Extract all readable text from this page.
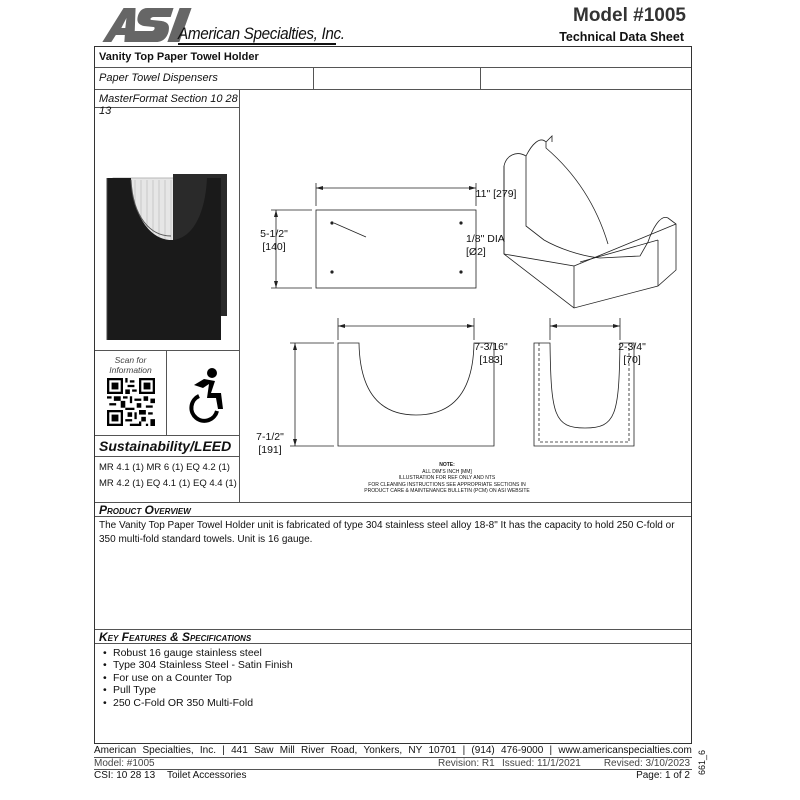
American Specialties, Inc.
Model #1005
Technical Data Sheet
Vanity Top Paper Towel Holder
Paper Towel Dispensers
MasterFormat Section 10 28 13
Scan for Information
Sustainability/LEED
MR 4.1 (1) MR 6 (1) EQ 4.2 (1)
MR 4.2 (1) EQ 4.1 (1) EQ 4.4 (1)
11" [279]
5-1/2"
[140]
1/8" DIA
[Ø2]
7-3/16"
[183]
7-1/2"
[191]
2-3/4"
[70]
NOTE:
ALL DIM'S INCH [MM]
ILLUSTRATION FOR REF ONLY AND NTS
FOR CLEANING INSTRUCTIONS SEE APPROPRIATE SECTIONS IN
PRODUCT CARE & MAINTENANCE BULLETIN (PCM) ON ASI WEBSITE
Product Overview
The Vanity Top Paper Towel Holder unit is fabricated of type 304 stainless steel alloy 18-8" It has the capacity to hold 250 C-fold or 350 multi-fold standard towels. Unit is 16 gauge.
Key Features & Specifications
• Robust 16 gauge stainless steel
• Type 304 Stainless Steel - Satin Finish
• For use on a Counter Top
• Pull Type
• 250 C-Fold OR 350 Multi-Fold
American Specialties, Inc. | 441 Saw Mill River Road, Yonkers, NY 10701 | (914) 476-9000 | www.americanspecialties.com
Model: #1005	Revision: R1 Issued: 11/1/2021 Revised: 3/10/2023
CSI: 10 28 13 Toilet Accessories	Page: 1 of 2
661_6
